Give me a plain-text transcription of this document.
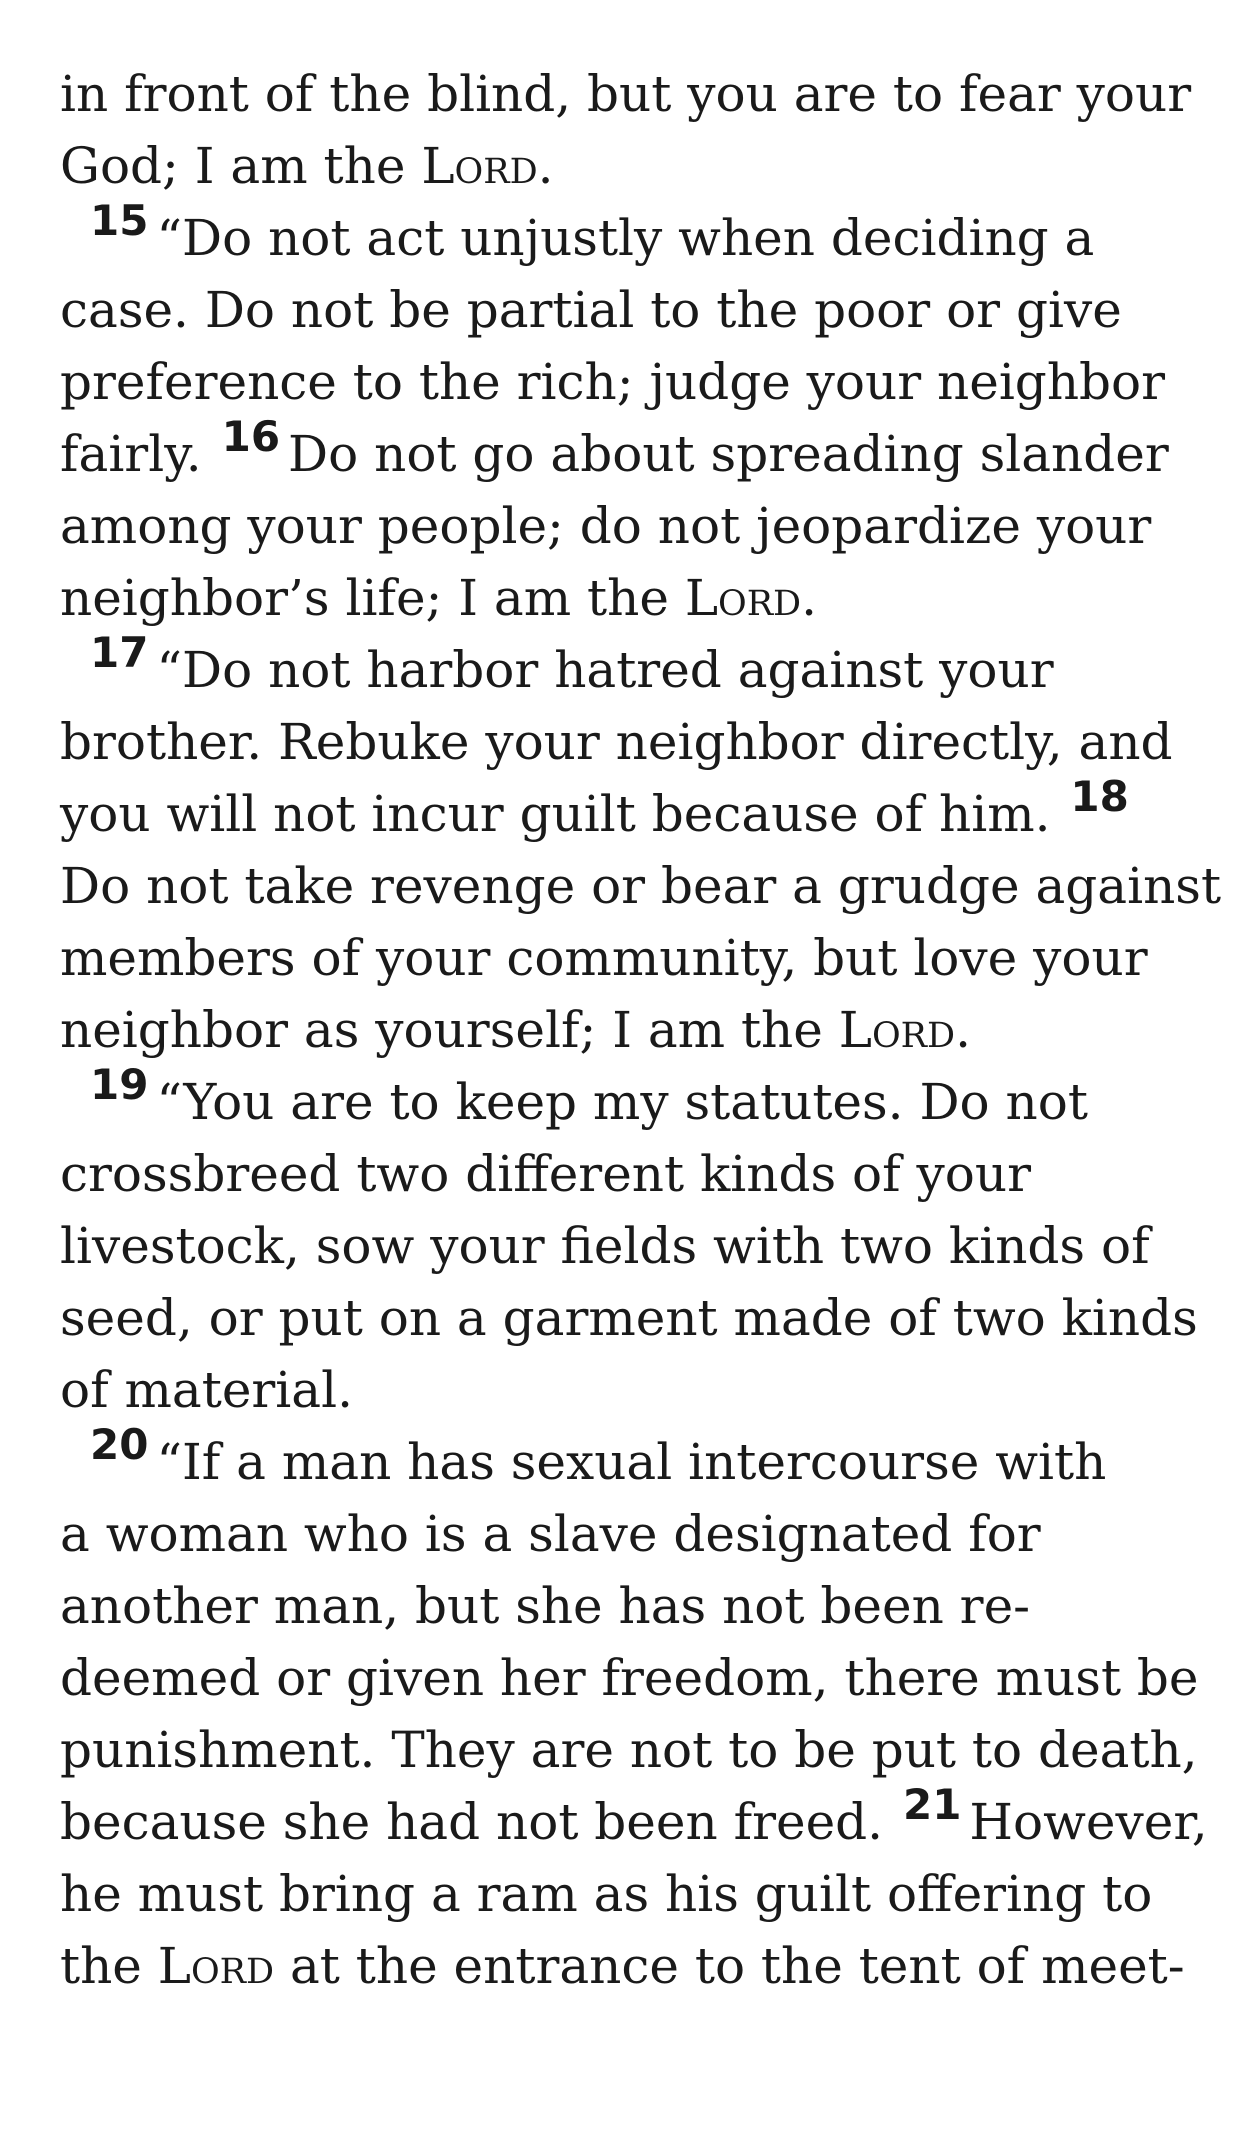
in front of the blind, but you are to fear your
God; I am the Lord.
$^{15}$ “Do not act unjustly when deciding a
case. Do not be partial to the poor or give
preference to the rich; judge your neighbor
fairly. $^{16}$ Do not go about spreading slander
among your people; do not jeopardize your
neighbor’s life; I am the Lord.
$^{17}$ “Do not harbor hatred against your
brother. Rebuke your neighbor directly, and
you will not incur guilt because of him. $^{18}$
Do not take revenge or bear a grudge against
members of your community, but love your
neighbor as yourself; I am the Lord.
$^{19}$ “You are to keep my statutes. Do not
crossbreed two different kinds of your
livestock, sow your fields with two kinds of
seed, or put on a garment made of two kinds
of material.
$^{20}$ “If a man has sexual intercourse with
a woman who is a slave designated for
another man, but she has not been re-
deemed or given her freedom, there must be
punishment. They are not to be put to death,
because she had not been freed. $^{21}$ However,
he must bring a ram as his guilt offering to
the Lord at the entrance to the tent of meet-
